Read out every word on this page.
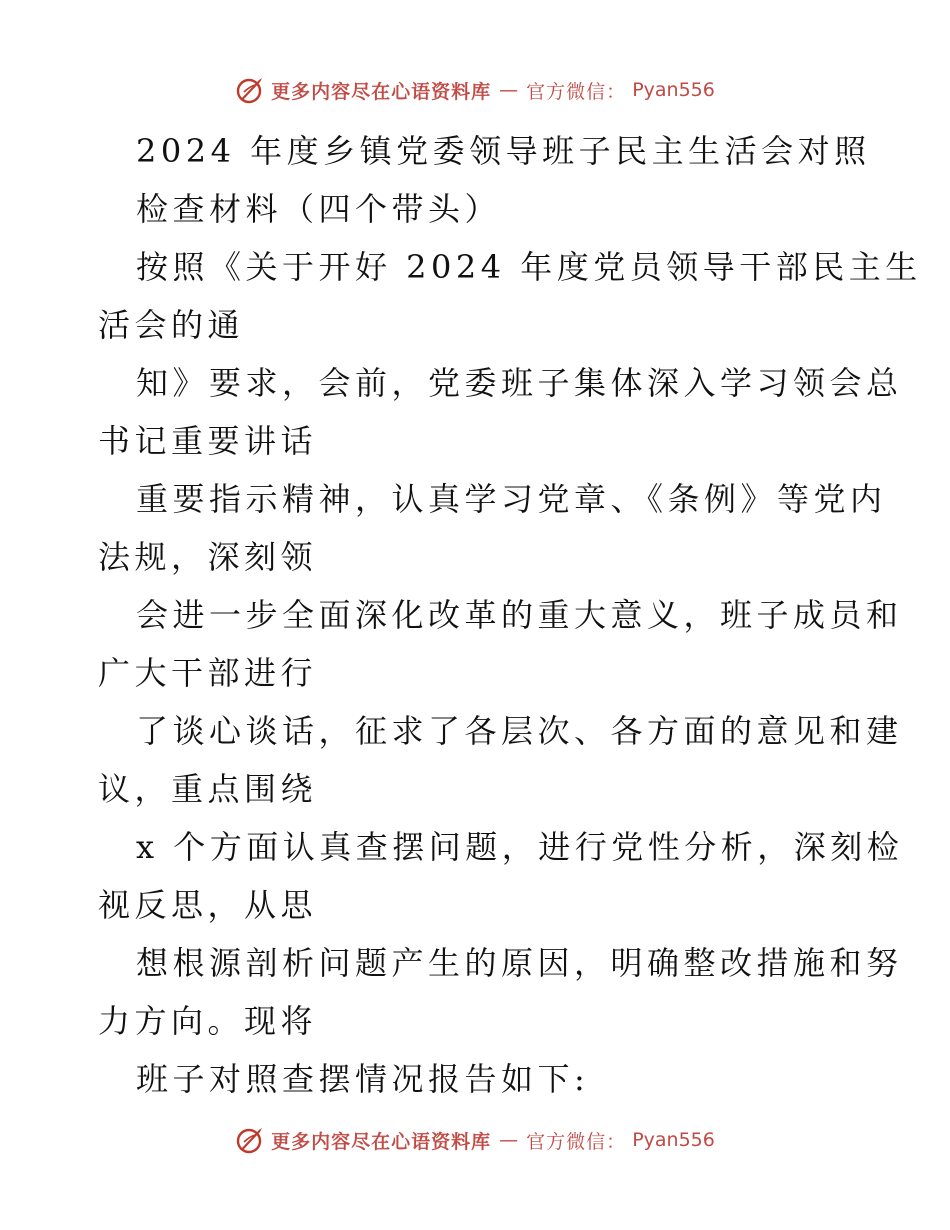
更多内容尽在心语资料库 — 官方微信： Pyan556
2024 年度乡镇党委领导班子民主生活会对照
检查材料（四个带头）
按照《关于开好 2024 年度党员领导干部民主生
活会的通
知》要求，会前，党委班子集体深入学习领会总
书记重要讲话
重要指示精神，认真学习党章、《条例》等党内
法规，深刻领
会进一步全面深化改革的重大意义，班子成员和
广大干部进行
了谈心谈话，征求了各层次、各方面的意见和建
议，重点围绕
x 个方面认真查摆问题，进行党性分析，深刻检
视反思，从思
想根源剖析问题产生的原因，明确整改措施和努
力方向。现将
班子对照查摆情况报告如下:
更多内容尽在心语资料库 — 官方微信： Pyan556
